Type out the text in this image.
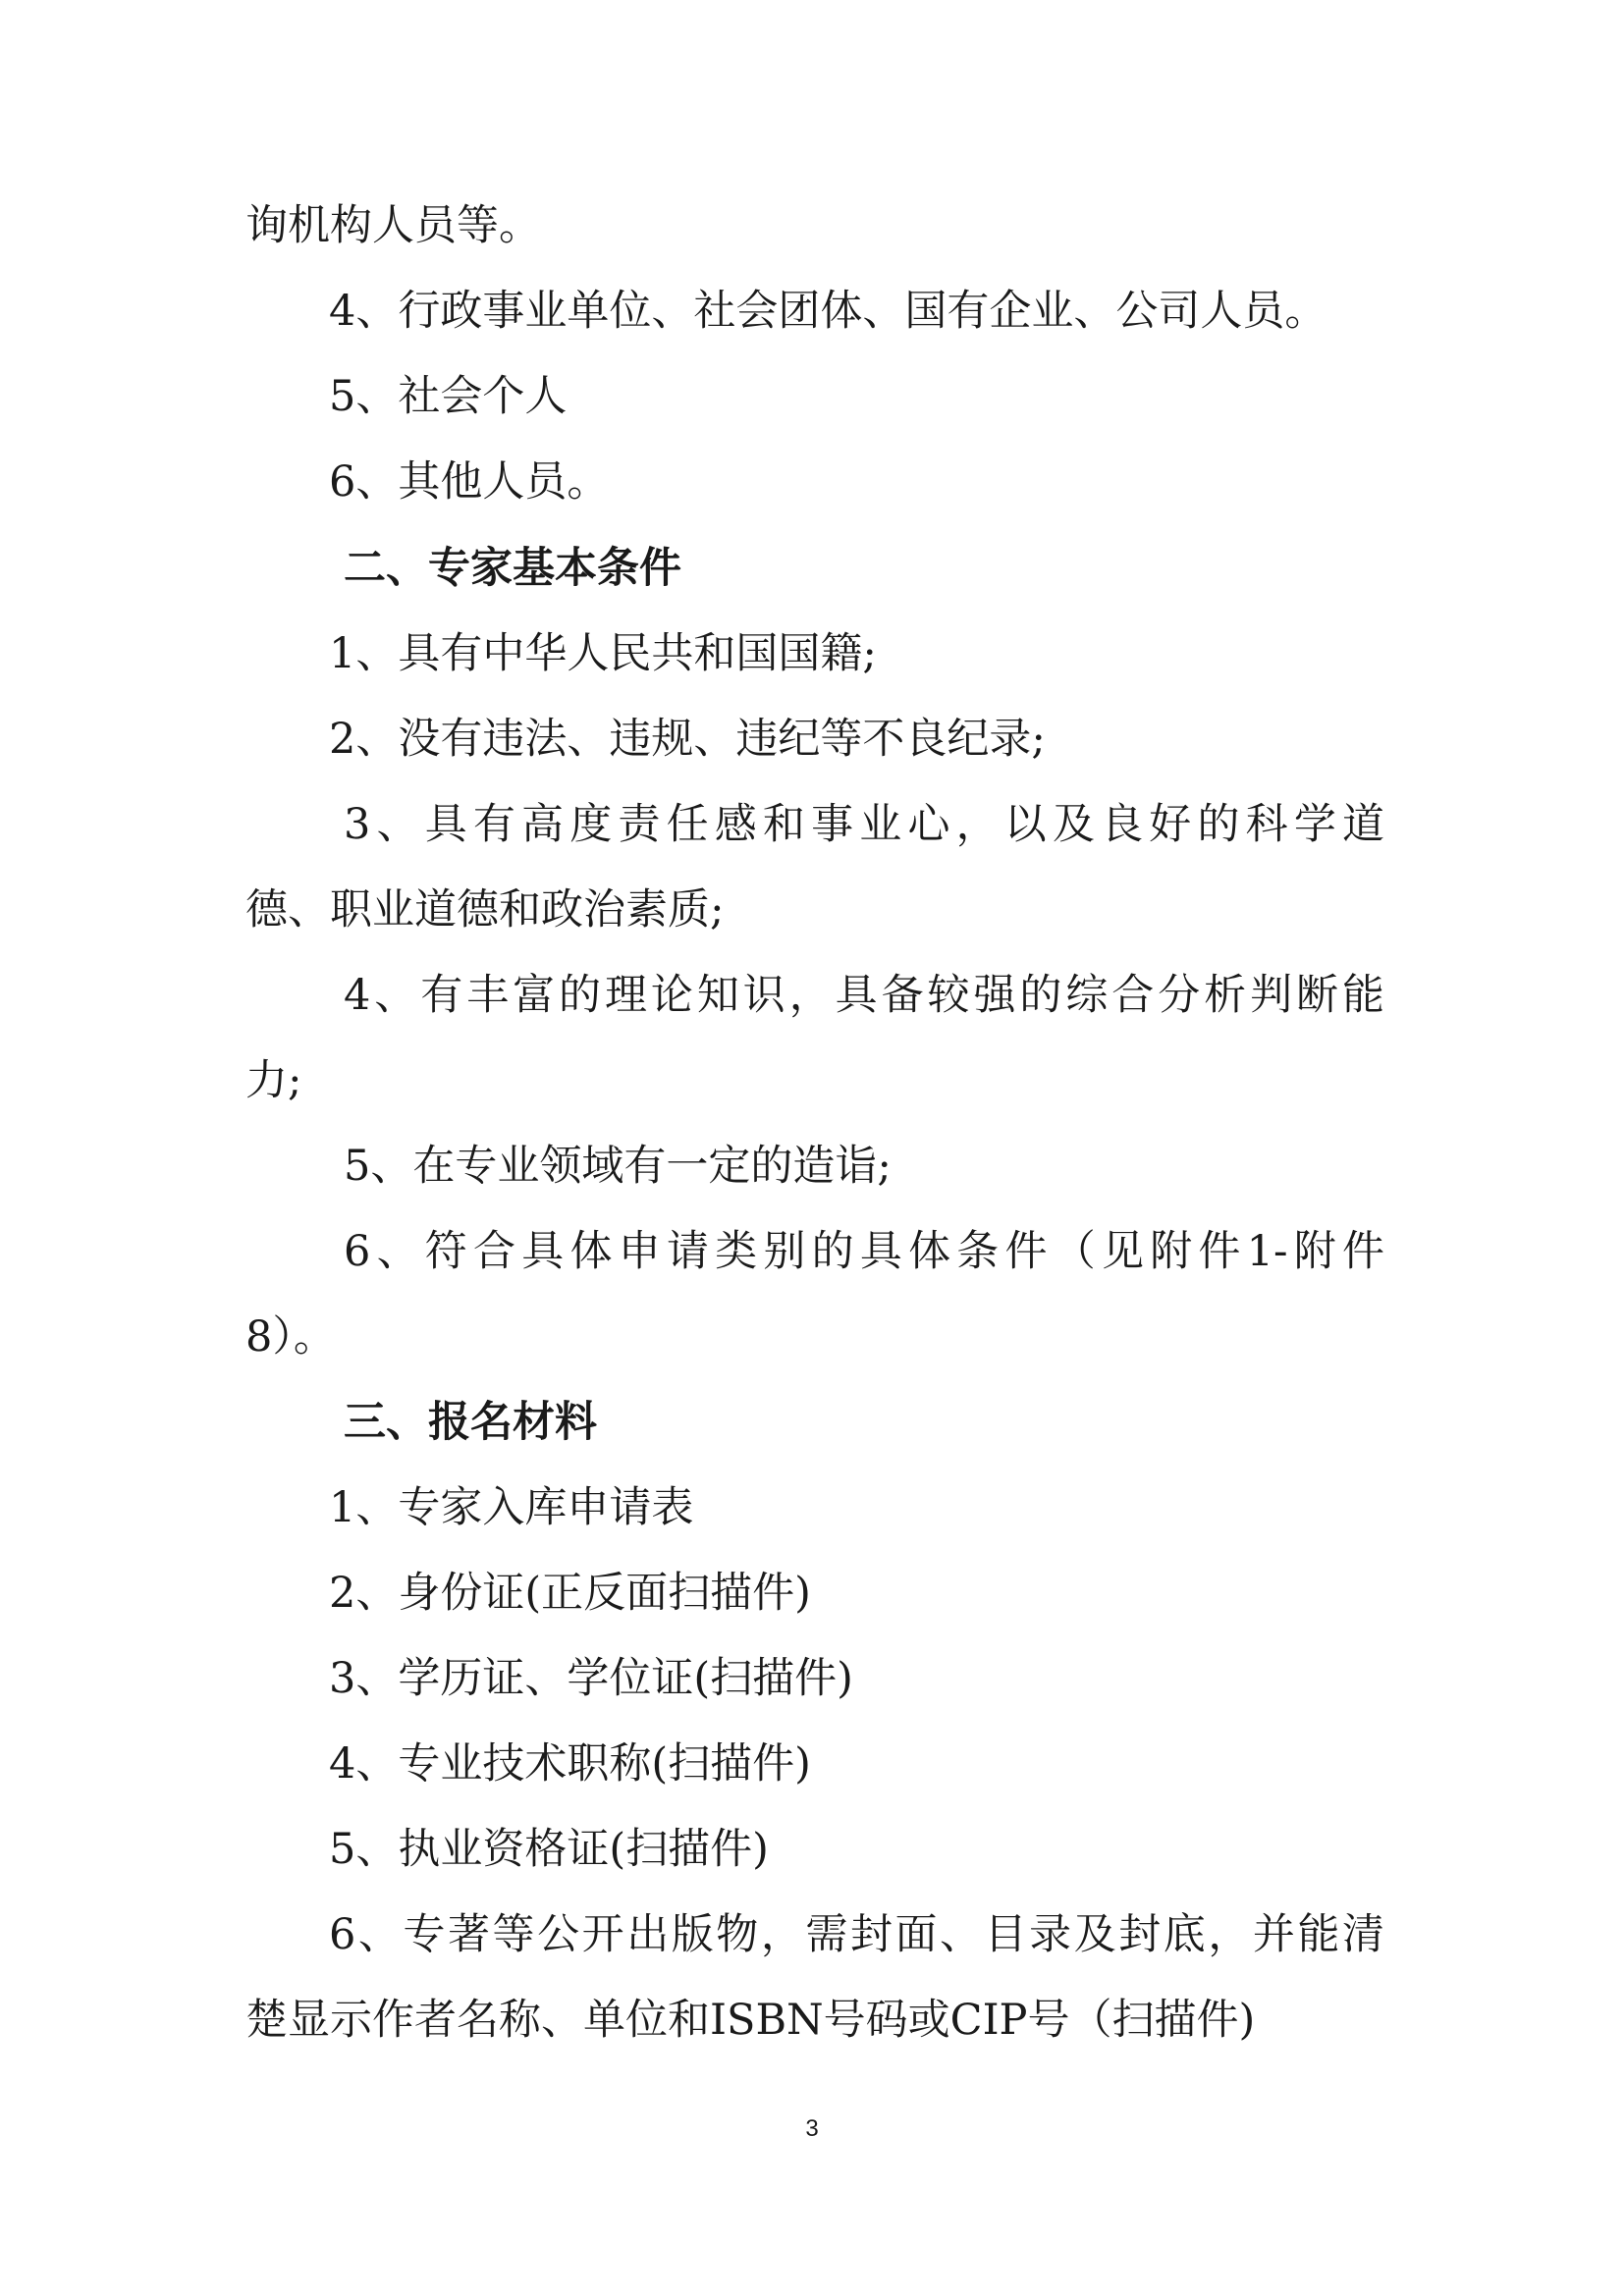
询机构人员等。
4、行政事业单位、社会团体、国有企业、公司人员。
5、社会个人
6、其他人员。
二、专家基本条件
1、具有中华人民共和国国籍;
2、没有违法、违规、违纪等不良纪录;
3、具有高度责任感和事业心，以及良好的科学道
德、职业道德和政治素质;
4、有丰富的理论知识，具备较强的综合分析判断能
力;
5、在专业领域有一定的造诣;
6、符合具体申请类别的具体条件（见附件1-附件
8）。
三、报名材料
1、专家入库申请表
2、身份证(正反面扫描件)
3、学历证、学位证(扫描件)
4、专业技术职称(扫描件)
5、执业资格证(扫描件)
6、专著等公开出版物，需封面、目录及封底，并能清
楚显示作者名称、单位和ISBN号码或CIP号（扫描件)
3
